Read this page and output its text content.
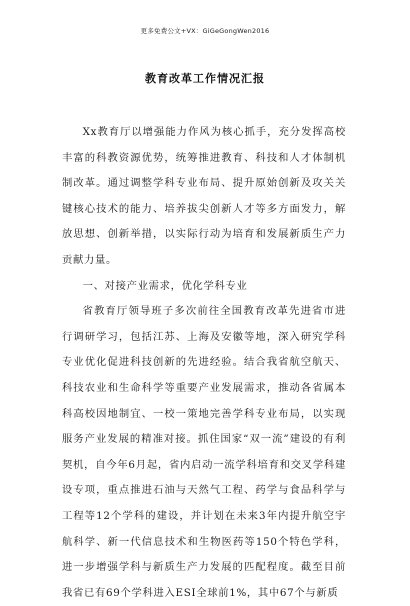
更多免费公文+VX：GiGeGongWen2016
教育改革工作情况汇报

Xx教育厅以增强能力作风为核心抓手，充分发挥高校丰富的科教资源优势，统筹推进教育、科技和人才体制机制改革。通过调整学科专业布局、提升原始创新及攻关关键核心技术的能力、培养拔尖创新人才等多方面发力，解放思想、创新举措，以实际行动为培育和发展新质生产力贡献力量。

一、对接产业需求，优化学科专业

省教育厅领导班子多次前往全国教育改革先进省市进行调研学习，包括江苏、上海及安徽等地，深入研究学科专业优化促进科技创新的先进经验。结合我省航空航天、科技农业和生命科学等重要产业发展需求，推动各省属本科高校因地制宜、一校一策地完善学科专业布局，以实现服务产业发展的精准对接。抓住国家“双一流”建设的有利契机，自今年6月起，省内启动一流学科培育和交叉学科建设专项，重点推进石油与天然气工程、药学与食品科学与工程等12个学科的建设，并计划在未来3年内提升航空宇航科学、新一代信息技术和生物医药等150个特色学科，进一步增强学科与新质生产力发展的匹配程度。截至目前我省已有69个学科进入ESI全球前1%，其中67个与新质
